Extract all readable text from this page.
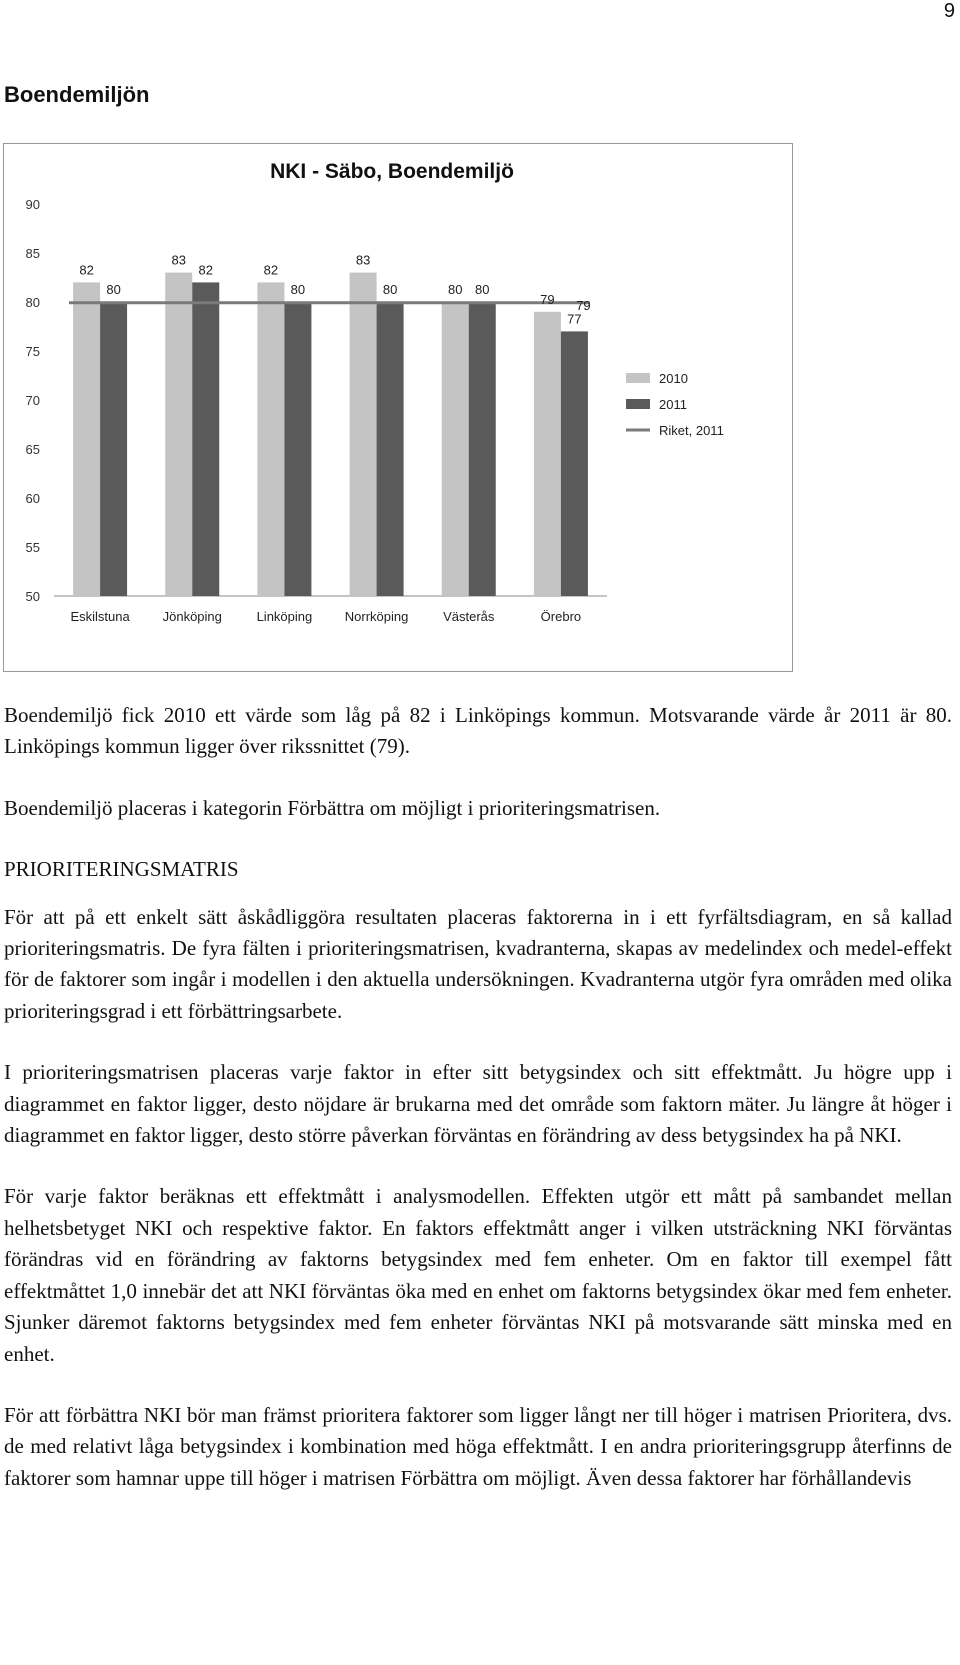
9
Boendemiljön
NKI - Säbo, Boendemiljö
50
55
60
65
70
75
80
85
90
82
80
83
82	82
80
83
80	80 80
79
77
79
Eskilstuna	Jönköping	Linköping	Norrköping	Västerås	Örebro
2010
2011
Riket, 2011

Boendemiljö fick 2010 ett värde som låg på 82 i Linköpings kommun. Motsvarande värde år 2011 är 80. Linköpings kommun ligger över rikssnittet (79).

Boendemiljö placeras i kategorin Förbättra om möjligt i prioriteringsmatrisen.

PRIORITERINGSMATRIS

För att på ett enkelt sätt åskådliggöra resultaten placeras faktorerna in i ett fyrfältsdiagram, en så kallad prioriteringsmatris. De fyra fälten i prioriteringsmatrisen, kvadranterna, skapas av medelindex och medel-effekt för de faktorer som ingår i modellen i den aktuella undersökningen. Kvadranterna utgör fyra områden med olika prioriteringsgrad i ett förbättringsarbete.

I prioriteringsmatrisen placeras varje faktor in efter sitt betygsindex och sitt effektmått. Ju högre upp i diagrammet en faktor ligger, desto nöjdare är brukarna med det område som faktorn mäter. Ju längre åt höger i diagrammet en faktor ligger, desto större påverkan förväntas en förändring av dess betygsindex ha på NKI.

För varje faktor beräknas ett effektmått i analysmodellen. Effekten utgör ett mått på sambandet mellan helhetsbetyget NKI och respektive faktor. En faktors effektmått anger i vilken utsträckning NKI förväntas förändras vid en förändring av faktorns betygsindex med fem enheter. Om en faktor till exempel fått effektmåttet 1,0 innebär det att NKI förväntas öka med en enhet om faktorns betygsindex ökar med fem enheter. Sjunker däremot faktorns betygsindex med fem enheter förväntas NKI på motsvarande sätt minska med en enhet.

För att förbättra NKI bör man främst prioritera faktorer som ligger långt ner till höger i matrisen Prioritera, dvs. de med relativt låga betygsindex i kombination med höga effektmått. I en andra prioriteringsgrupp återfinns de faktorer som hamnar uppe till höger i matrisen Förbättra om möjligt. Även dessa faktorer har förhållandevis
